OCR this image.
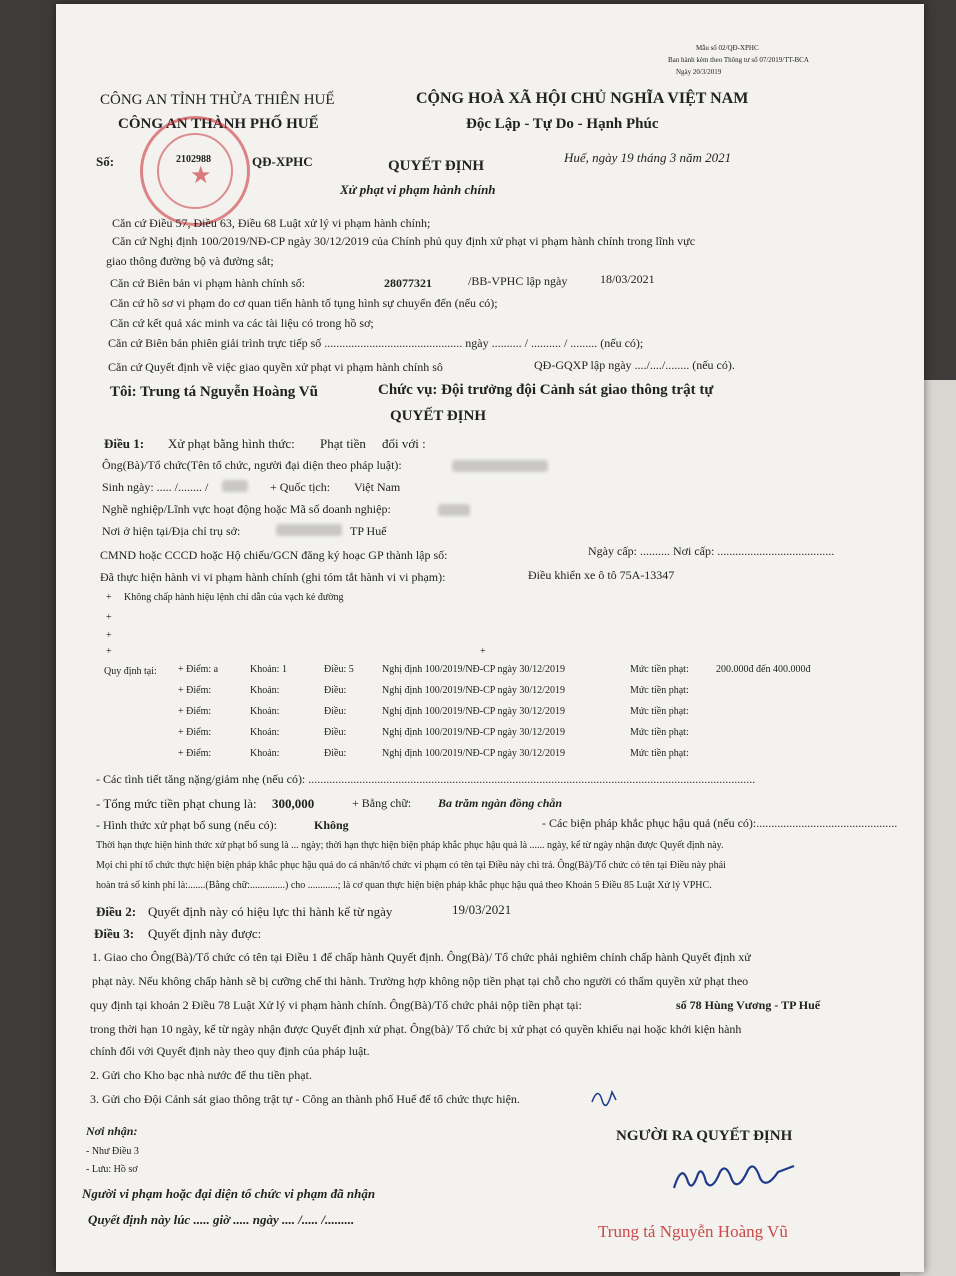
Mẫu số 02/QĐ-XPHC
Ban hành kèm theo Thông tư số 07/2019/TT-BCA
Ngày 20/3/2019
CÔNG AN TỈNH THỪA THIÊN HUẾ
CÔNG AN THÀNH PHỐ HUẾ
CỘNG HOÀ XÃ HỘI CHỦ NGHĨA VIỆT NAM
Độc Lập - Tự Do - Hạnh Phúc
★
Số:	2102988	QĐ-XPHC	Huế, ngày 19 tháng 3 năm 2021
QUYẾT ĐỊNH
Xử phạt vi phạm hành chính
Căn cứ Điều 57, Điều 63, Điều 68 Luật xử lý vi phạm hành chính;
Căn cứ Nghị định 100/2019/NĐ-CP ngày 30/12/2019 của Chính phủ quy định xử phạt vi phạm hành chính trong lĩnh vực
giao thông đường bộ và đường sắt;
Căn cứ Biên bản vi phạm hành chính số:	28077321	/BB-VPHC lập ngày	18/03/2021
Căn cứ hồ sơ vi phạm do cơ quan tiến hành tố tụng hình sự chuyển đến (nếu có);
Căn cứ kết quả xác minh va các tài liệu có trong hồ sơ;
Căn cứ Biên bản phiên giải trình trực tiếp số .............................................. ngày .......... / .......... / ......... (nếu có);
Căn cứ Quyết định về việc giao quyền xử phạt vi phạm hành chính sô	QĐ-GQXP lập ngày ..../..../........ (nếu có).
Tôi: Trung tá Nguyễn Hoàng Vũ	Chức vụ: Đội trưởng đội Cảnh sát giao thông trật tự
QUYẾT ĐỊNH
Điều 1: Xử phạt bằng hình thức: Phạt tiền đối với :
Ông(Bà)/Tổ chức(Tên tổ chức, người đại diện theo pháp luật):
Sinh ngày: ..... /........ /	+ Quốc tịch: Việt Nam
Nghề nghiệp/Lĩnh vực hoạt động hoặc Mã số doanh nghiệp:
Nơi ở hiện tại/Địa chỉ trụ sở:	TP Huế
CMND hoặc CCCD hoặc Hộ chiếu/GCN đăng ký hoạc GP thành lập số:	Ngày cấp: .......... Nơi cấp: .......................................
Đã thực hiện hành vi vi phạm hành chính (ghi tóm tắt hành vi vi phạm):	Điều khiển xe ô tô 75A-13347
+ Không chấp hành hiệu lệnh chỉ dẫn của vạch kẻ đường
+
+
+	+
Quy định tại: + Điểm: a	Khoản: 1	Điều: 5	Nghị định 100/2019/NĐ-CP ngày 30/12/2019	Mức tiền phạt:	200.000đ đến 400.000đ
+ Điểm:	Khoản:	Điều:	Nghị định 100/2019/NĐ-CP ngày 30/12/2019	Mức tiền phạt:
+ Điểm:	Khoản:	Điều:	Nghị định 100/2019/NĐ-CP ngày 30/12/2019	Mức tiền phạt:
+ Điểm:	Khoản:	Điều:	Nghị định 100/2019/NĐ-CP ngày 30/12/2019	Mức tiền phạt:
+ Điểm:	Khoản:	Điều:	Nghị định 100/2019/NĐ-CP ngày 30/12/2019	Mức tiền phạt:
- Các tình tiết tăng nặng/giảm nhẹ (nếu có): .....................................................................................................................................................
- Tổng mức tiền phạt chung là: 300,000	+ Bằng chữ: Ba trăm ngàn đồng chẵn
- Hình thức xử phạt bổ sung (nếu có):	Không	- Các biện pháp khắc phục hậu quả (nếu có):...............................................
Thời hạn thực hiện hình thức xử phạt bổ sung là ... ngày; thời hạn thực hiện biện pháp khắc phục hậu quả là ...... ngày, kể từ ngày nhận được Quyết định này.
Mọi chi phí tổ chức thực hiện biện pháp khắc phục hậu quả do cá nhân/tổ chức vi phạm có tên tại Điều này chi trả. Ông(Bà)/Tổ chức có tên tại Điều này phải
hoàn trả số kinh phí là:.......(Bằng chữ:..............) cho ............; là cơ quan thực hiện biện pháp khắc phục hậu quả theo Khoản 5 Điều 85 Luật Xử lý VPHC.
Điều 2: Quyết định này có hiệu lực thi hành kể từ ngày	19/03/2021
Điều 3: Quyết định này được:
1. Giao cho Ông(Bà)/Tổ chức có tên tại Điều 1 để chấp hành Quyết định. Ông(Bà)/ Tổ chức phải nghiêm chỉnh chấp hành Quyết định xử
phạt này. Nếu không chấp hành sẽ bị cưỡng chế thi hành. Trường hợp không nộp tiền phạt tại chỗ cho người có thẩm quyền xử phạt theo
quy định tại khoản 2 Điều 78 Luật Xử lý vi phạm hành chính. Ông(Bà)/Tổ chức phải nộp tiền phạt tại:	số 78 Hùng Vương - TP Huế
trong thời hạn 10 ngày, kể từ ngày nhận được Quyết định xử phạt. Ông(bà)/ Tổ chức bị xử phạt có quyền khiếu nại hoặc khởi kiện hành
chính đối với Quyết định này theo quy định của pháp luật.
2. Gửi cho Kho bạc nhà nước để thu tiền phạt.
3. Gửi cho Đội Cảnh sát giao thông trật tự - Công an thành phố Huế để tổ chức thực hiện.
Nơi nhận:
- Như Điều 3
- Lưu: Hồ sơ
Người vi phạm hoặc đại diện tổ chức vi phạm đã nhận
Quyết định này lúc ..... giờ ..... ngày .... /..... /.........
NGƯỜI RA QUYẾT ĐỊNH
Trung tá Nguyễn Hoàng Vũ
